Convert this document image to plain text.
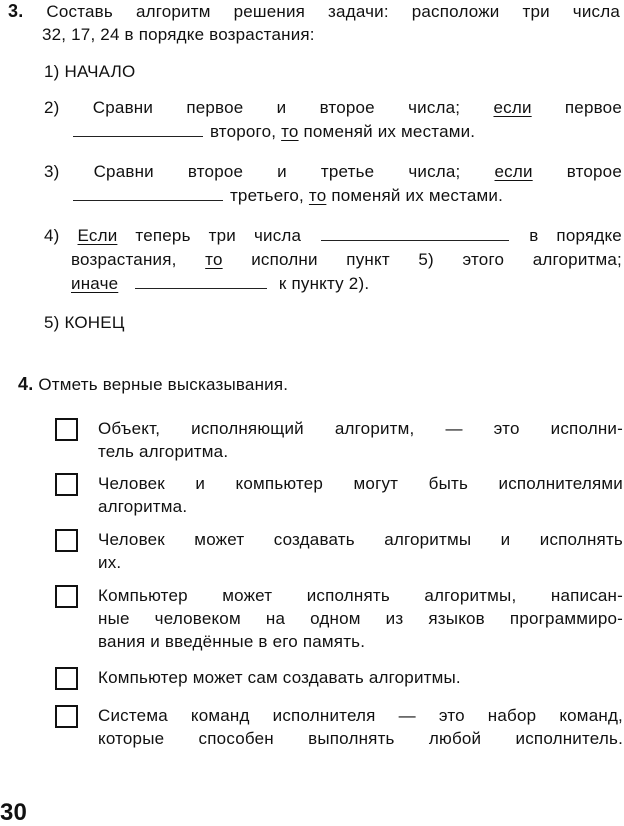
3. Составь алгоритм решения задачи: расположи три числа
32, 17, 24 в порядке возрастания:
1) НАЧАЛО
2) Сравни первое и второе числа; если первое
второго, то поменяй их местами.
3) Сравни второе и третье числа; если второе
третьего, то поменяй их местами.
4) Если теперь три числа	в порядке
возрастания, то исполни пункт 5) этого алгоритма;
иначе	к пункту 2).
5) КОНЕЦ
4. Отметь верные высказывания.
Объект, исполняющий алгоритм, — это исполни-
тель алгоритма.
Человек и компьютер могут быть исполнителями
алгоритма.
Человек может создавать алгоритмы и исполнять
их.
Компьютер может исполнять алгоритмы, написан-
ные человеком на одном из языков программиро-
вания и введённые в его память.
Компьютер может сам создавать алгоритмы.
Система команд исполнителя — это набор команд,
которые способен выполнять любой исполнитель.
30
